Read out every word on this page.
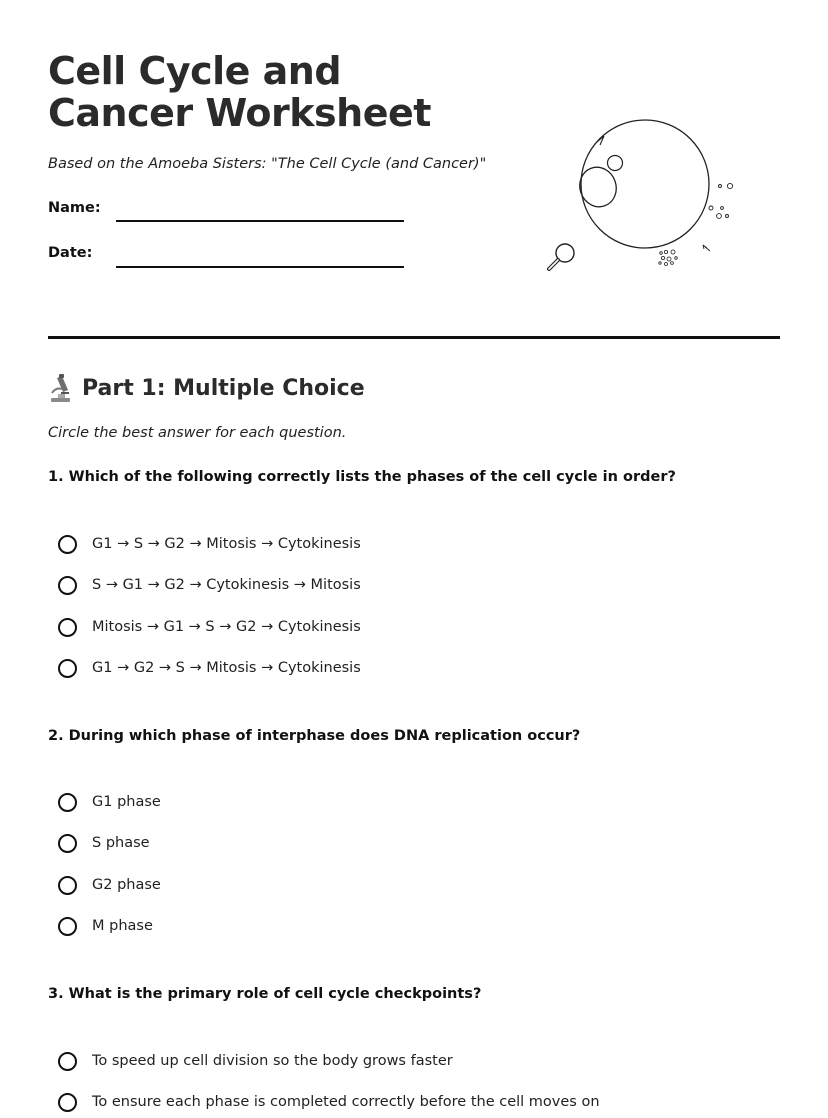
Cell Cycle and Cancer Worksheet
Based on the Amoeba Sisters: "The Cell Cycle (and Cancer)"
Name:
Date:
Part 1: Multiple Choice
Circle the best answer for each question.
1. Which of the following correctly lists the phases of the cell cycle in order?
G1 → S → G2 → Mitosis → Cytokinesis
S → G1 → G2 → Cytokinesis → Mitosis
Mitosis → G1 → S → G2 → Cytokinesis
G1 → G2 → S → Mitosis → Cytokinesis
2. During which phase of interphase does DNA replication occur?
G1 phase
S phase
G2 phase
M phase
3. What is the primary role of cell cycle checkpoints?
To speed up cell division so the body grows faster
To ensure each phase is completed correctly before the cell moves on
